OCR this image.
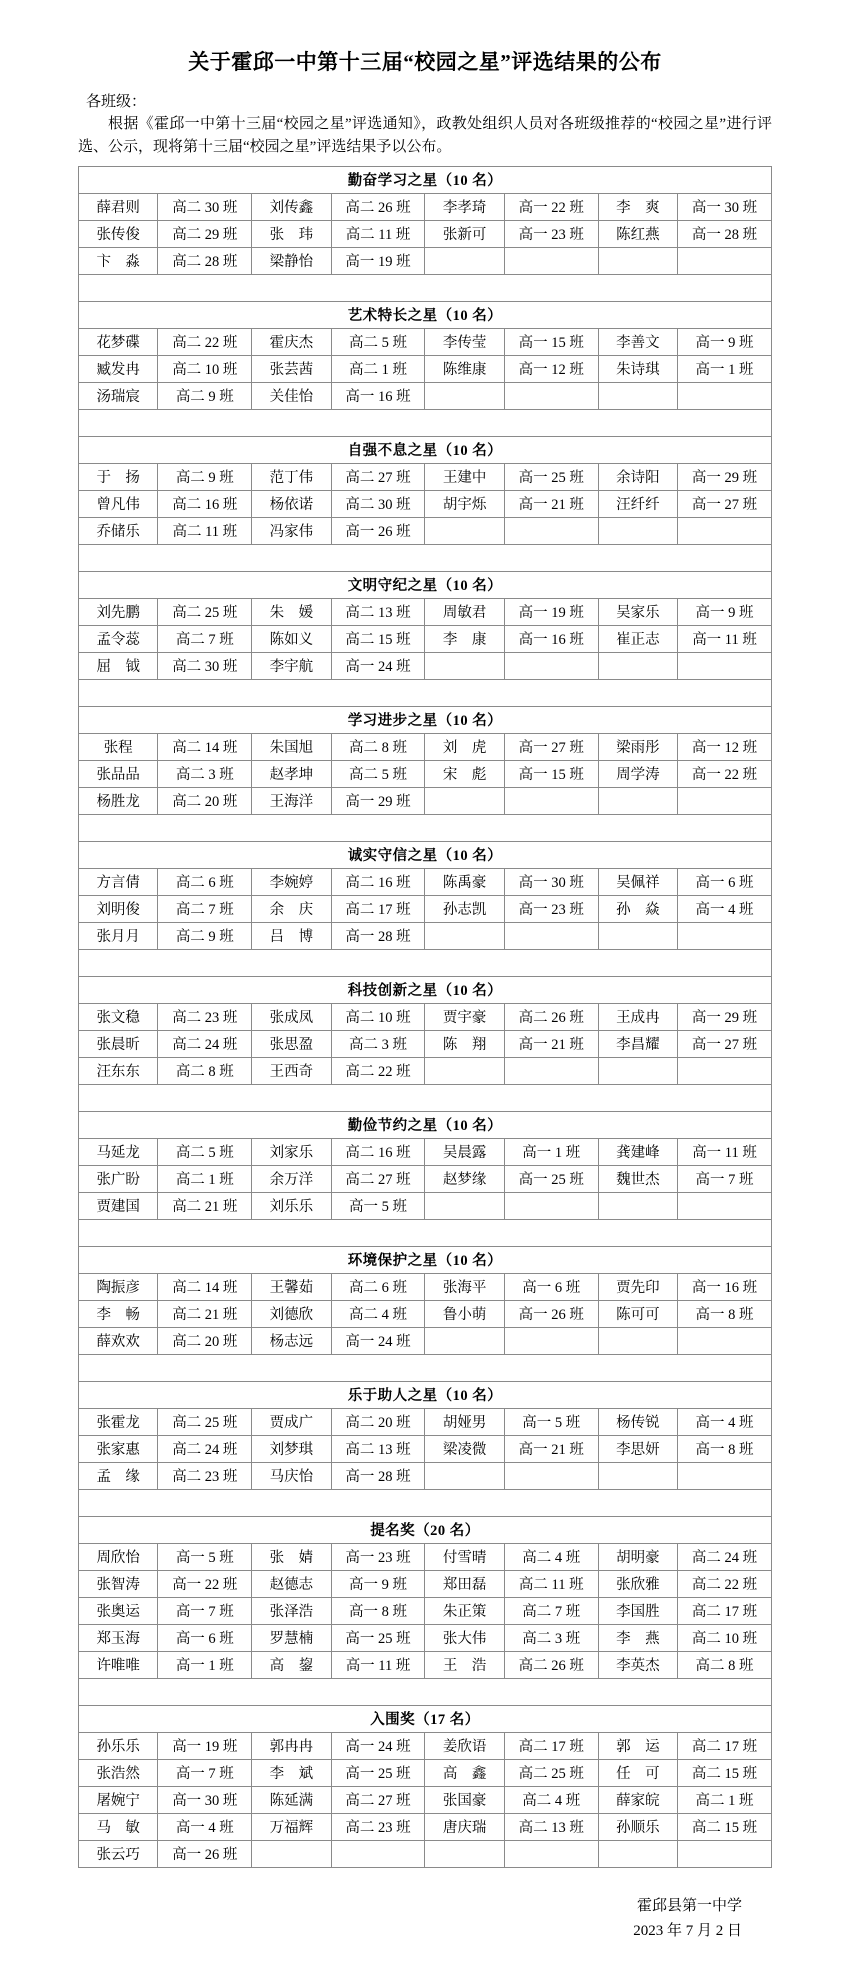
关于霍邱一中第十三届“校园之星”评选结果的公布

各班级：

根据《霍邱一中第十三届“校园之星”评选通知》，政教处组织人员对各班级推荐的“校园之星”进行评选、公示，现将第十三届“校园之星”评选结果予以公布。

勤奋学习之星（10 名）							
薛君则	高二 30 班	刘传鑫	高二 26 班	李孝琦	高一 22 班	李　爽	高一 30 班
张传俊	高二 29 班	张　玮	高二 11 班	张新可	高一 23 班	陈红燕	高一 28 班
卞　淼	高二 28 班	梁静怡	高一 19 班				

艺术特长之星（10 名）							
花梦碟	高二 22 班	霍庆杰	高二 5 班	李传莹	高一 15 班	李善文	高一 9 班
臧发冉	高二 10 班	张芸茜	高二 1 班	陈维康	高一 12 班	朱诗琪	高一 1 班
汤瑞宸	高二 9 班	关佳怡	高一 16 班				

自强不息之星（10 名）							
于　扬	高二 9 班	范丁伟	高二 27 班	王建中	高一 25 班	余诗阳	高一 29 班
曾凡伟	高二 16 班	杨依诺	高二 30 班	胡宇烁	高一 21 班	汪纤纤	高一 27 班
乔储乐	高二 11 班	冯家伟	高一 26 班				

文明守纪之星（10 名）							
刘先鹏	高二 25 班	朱　媛	高二 13 班	周敏君	高一 19 班	吴家乐	高一 9 班
孟令蕊	高二 7 班	陈如义	高二 15 班	李　康	高一 16 班	崔正志	高一 11 班
屈　钺	高二 30 班	李宇航	高一 24 班				

学习进步之星（10 名）							
张程	高二 14 班	朱国旭	高二 8 班	刘　虎	高一 27 班	梁雨彤	高一 12 班
张品品	高二 3 班	赵孝坤	高二 5 班	宋　彪	高一 15 班	周学涛	高一 22 班
杨胜龙	高二 20 班	王海洋	高一 29 班				

诚实守信之星（10 名）							
方言倩	高二 6 班	李婉婷	高二 16 班	陈禹豪	高一 30 班	吴佩祥	高一 6 班
刘明俊	高二 7 班	余　庆	高二 17 班	孙志凯	高一 23 班	孙　焱	高一 4 班
张月月	高二 9 班	吕　博	高一 28 班				

科技创新之星（10 名）							
张文稳	高二 23 班	张成凤	高二 10 班	贾宇豪	高二 26 班	王成冉	高一 29 班
张晨昕	高二 24 班	张思盈	高二 3 班	陈　翔	高一 21 班	李昌耀	高一 27 班
汪东东	高二 8 班	王西奇	高二 22 班				

勤俭节约之星（10 名）							
马延龙	高二 5 班	刘家乐	高二 16 班	吴晨露	高一 1 班	龚建峰	高一 11 班
张广盼	高二 1 班	余万洋	高二 27 班	赵梦缘	高一 25 班	魏世杰	高一 7 班
贾建国	高二 21 班	刘乐乐	高一 5 班				

环境保护之星（10 名）							
陶振彦	高二 14 班	王馨茹	高二 6 班	张海平	高一 6 班	贾先印	高一 16 班
李　畅	高二 21 班	刘德欣	高二 4 班	鲁小萌	高一 26 班	陈可可	高一 8 班
薛欢欢	高二 20 班	杨志远	高一 24 班				

乐于助人之星（10 名）							
张霍龙	高二 25 班	贾成广	高二 20 班	胡娅男	高一 5 班	杨传锐	高一 4 班
张家惠	高二 24 班	刘梦琪	高二 13 班	梁凌微	高一 21 班	李思妍	高一 8 班
孟　缘	高二 23 班	马庆怡	高一 28 班				

提名奖（20 名）							
周欣怡	高一 5 班	张　婧	高一 23 班	付雪晴	高二 4 班	胡明豪	高二 24 班
张智涛	高一 22 班	赵德志	高一 9 班	郑田磊	高二 11 班	张欣雅	高二 22 班
张奥运	高一 7 班	张泽浩	高一 8 班	朱正策	高二 7 班	李国胜	高二 17 班
郑玉海	高一 6 班	罗慧楠	高一 25 班	张大伟	高二 3 班	李　燕	高二 10 班
许唯唯	高一 1 班	高　鋆	高一 11 班	王　浩	高二 26 班	李英杰	高二 8 班

入围奖（17 名）							
孙乐乐	高一 19 班	郭冉冉	高一 24 班	姜欣语	高二 17 班	郭　运	高二 17 班
张浩然	高一 7 班	李　斌	高一 25 班	高　鑫	高二 25 班	任　可	高二 15 班
屠婉宁	高一 30 班	陈延满	高二 27 班	张国豪	高二 4 班	薛家皖	高二 1 班
马　敏	高一 4 班	万福辉	高二 23 班	唐庆瑞	高二 13 班	孙顺乐	高二 15 班
张云巧	高一 26 班						
霍邱县第一中学
2023 年 7 月 2 日
